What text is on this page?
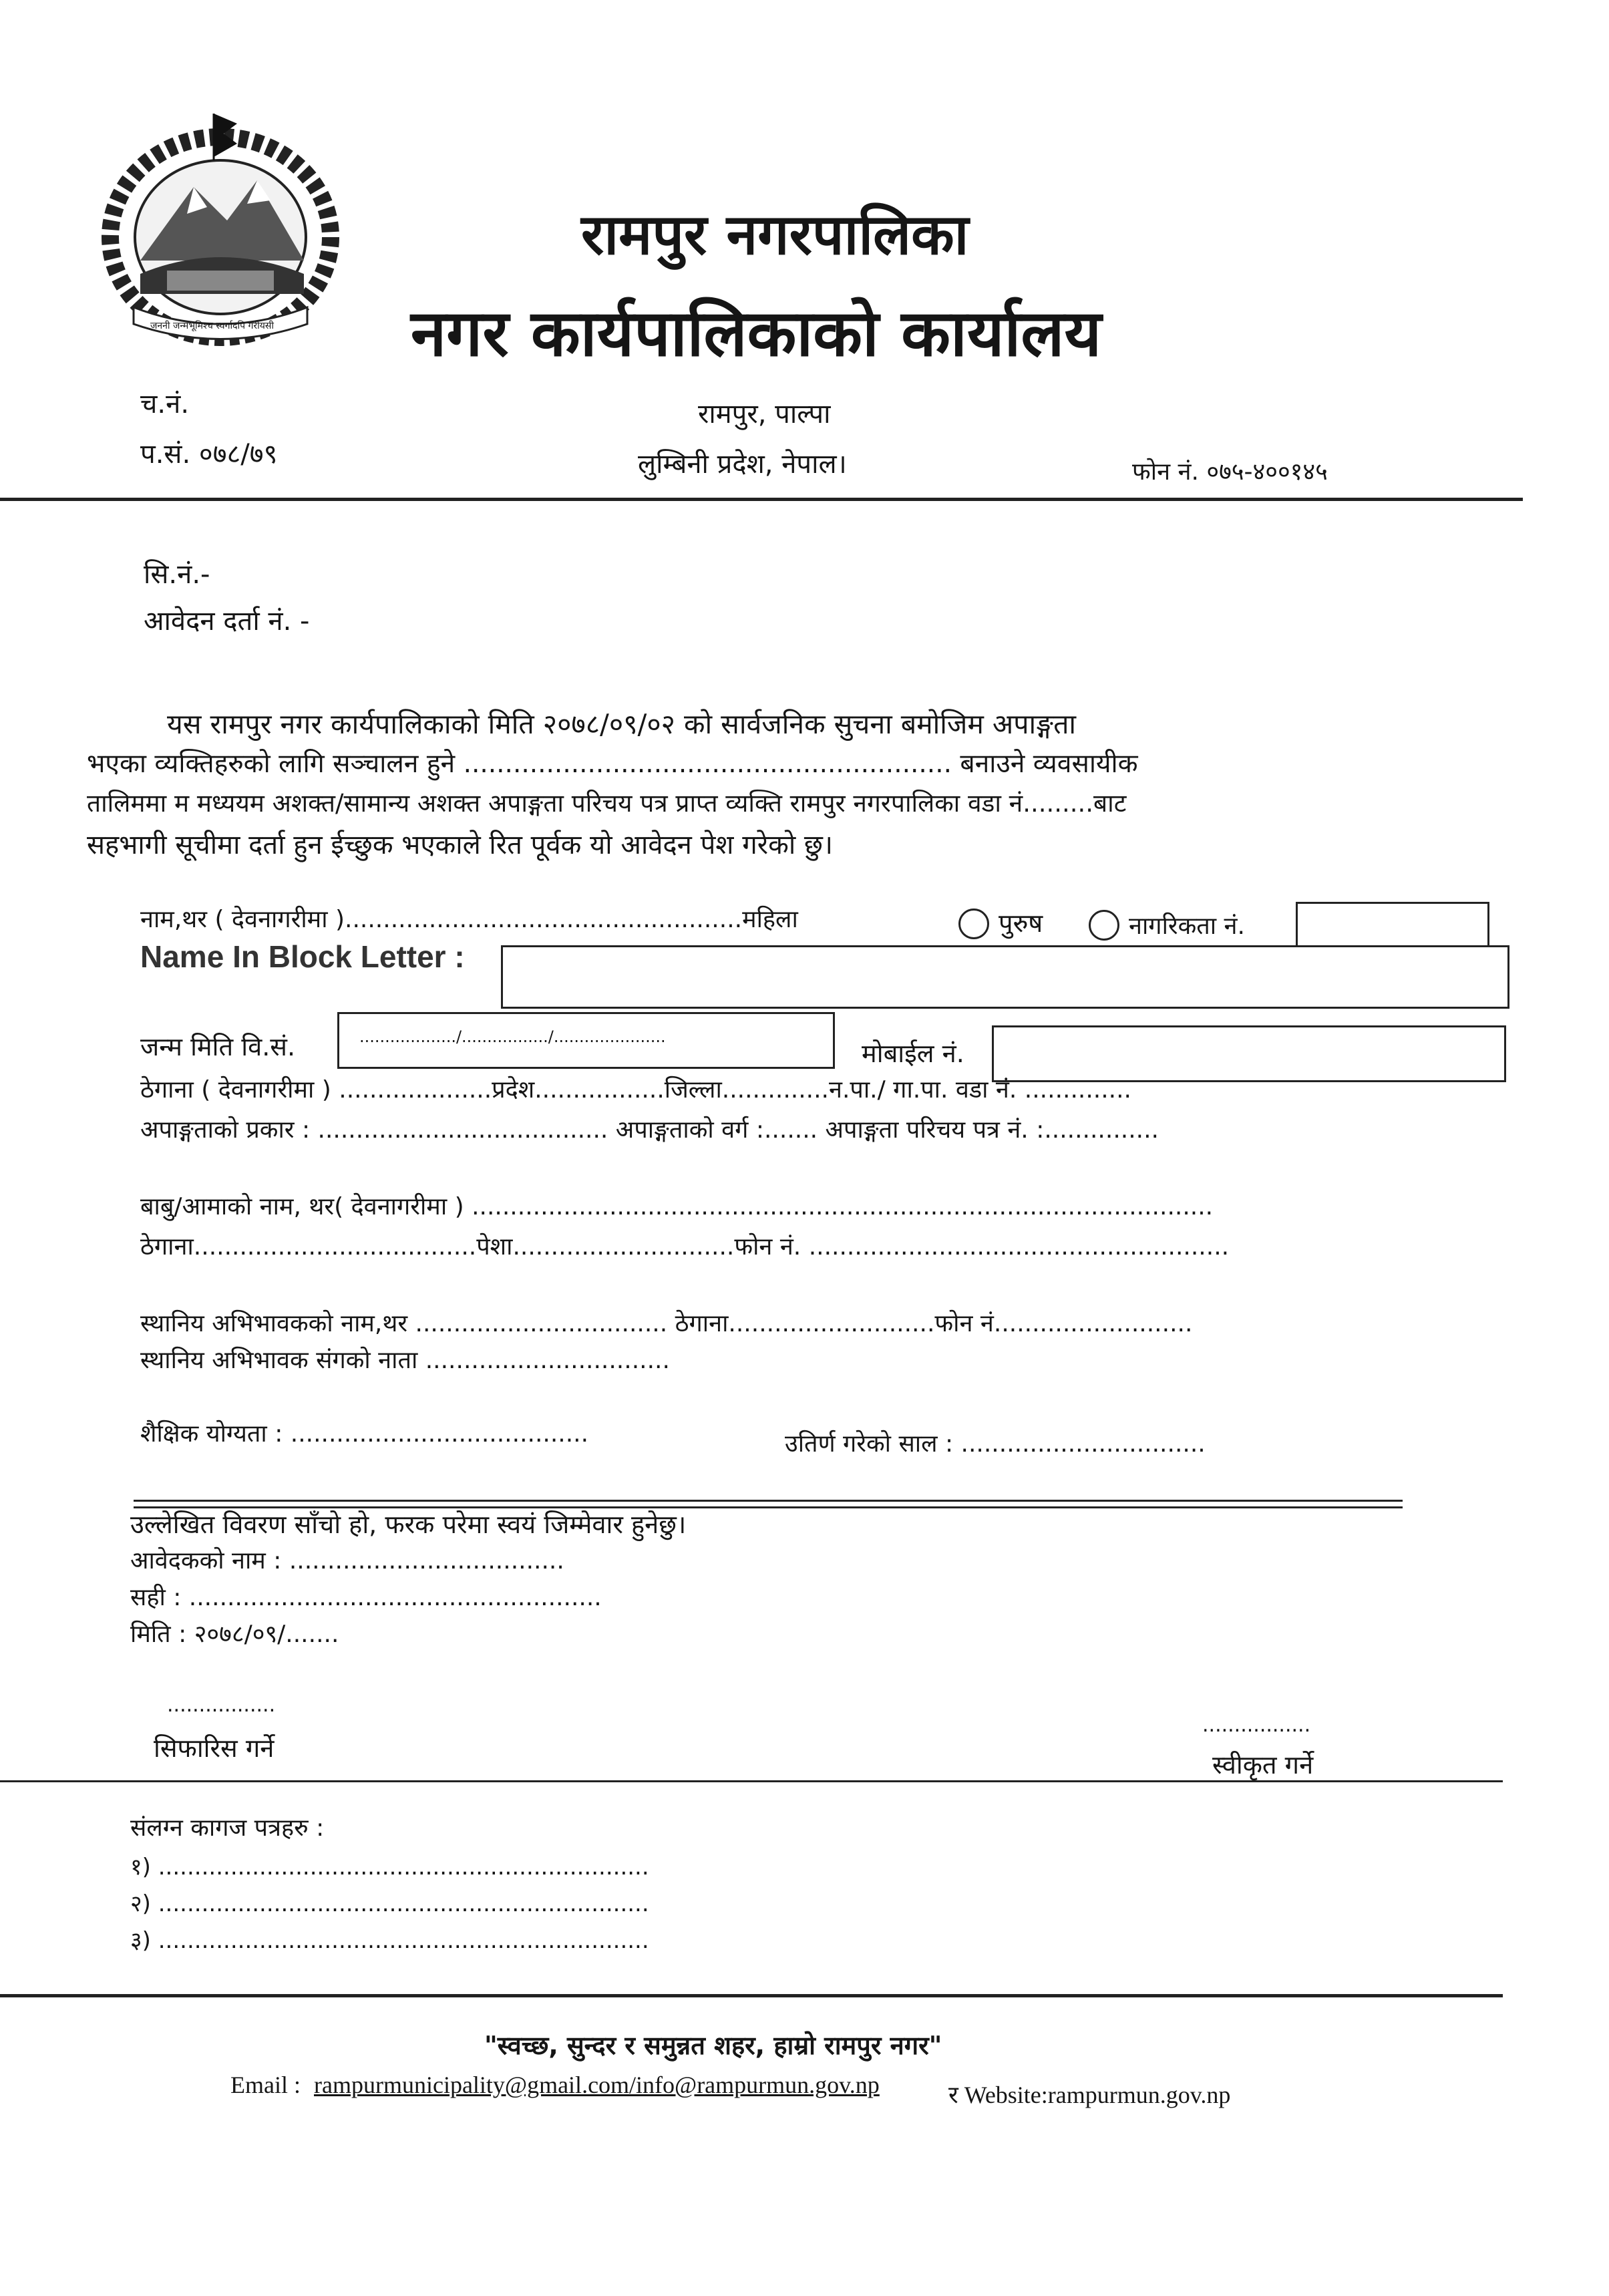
जननी जन्मभूमिश्च स्वर्गादपि गरीयसी
रामपुर नगरपालिका
नगर कार्यपालिकाको कार्यालय
च.नं.
प.सं. ०७८/७९
रामपुर, पाल्पा
लुम्बिनी प्रदेश, नेपाल।	फोन नं. ०७५-४००१४५
सि.नं.-
आवेदन दर्ता नं. -
यस रामपुर नगर कार्यपालिकाको मिति २०७८/०९/०२ को सार्वजनिक सुचना बमोजिम अपाङ्गता
भएका व्यक्तिहरुको लागि सञ्चालन हुने ........................................................... बनाउने व्यवसायीक
तालिममा म मध्ययम अशक्त/सामान्य अशक्त अपाङ्गता परिचय पत्र प्राप्त व्यक्ति रामपुर नगरपालिका वडा नं.........बाट
सहभागी सूचीमा दर्ता हुन ईच्छुक भएकाले रित पूर्वक यो आवेदन पेश गरेको छु।
नाम,थर ( देवनागरीमा )....................................................महिला	पुरुष	नागरिकता नं.
Name In Block Letter :
जन्म मिति वि.सं.	.................../................./......................
मोबाईल नं.
ठेगाना ( देवनागरीमा ) ....................प्रदेश.................जिल्ला..............न.पा./ गा.पा. वडा नं. ..............
अपाङ्गताको प्रकार : ...................................... अपाङ्गताको वर्ग :....... अपाङ्गता परिचय पत्र नं. :...............
बाबु/आमाको नाम, थर( देवनागरीमा ) .................................................................................................
ठेगाना.....................................पेशा.............................फोन नं. .......................................................
स्थानिय अभिभावकको नाम,थर ................................. ठेगाना...........................फोन नं..........................
स्थानिय अभिभावक संगको नाता ................................
शैक्षिक योग्यता : .......................................	उतिर्ण गरेको साल : ................................
उल्लेखित विवरण साँचो हो, फरक परेमा स्वयं जिम्मेवार हुनेछु।
आवेदकको नाम : ....................................
सही : ......................................................
मिति : २०७८/०९/.......
.................
सिफारिस गर्ने
.................
स्वीकृत गर्ने
संलग्न कागज पत्रहरु :
१) ....................................................................
२) ....................................................................
३) ....................................................................
"स्वच्छ, सुन्दर र समुन्नत शहर, हाम्रो रामपुर नगर"
Email : rampurmunicipality@gmail.com/info@rampurmun.gov.np	र Website:rampurmun.gov.np
